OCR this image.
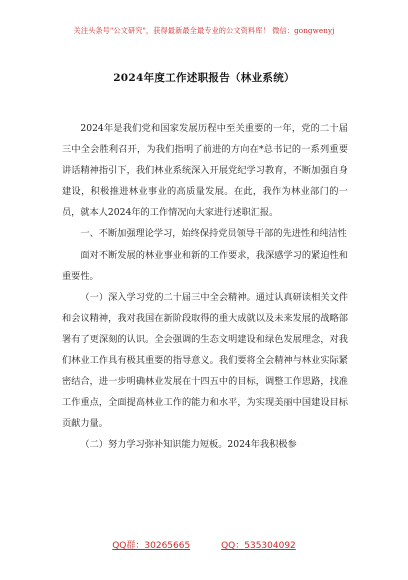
关注头条号"公文研究"，获得最新最全最专业的公文资料库！ 微信：gongwenyj
2024年度工作述职报告（林业系统）

2024年是我们党和国家发展历程中至关重要的一年，党的二十届三中全会胜利召开，为我们指明了前进的方向在*总书记的一系列重要讲话精神指引下，我们林业系统深入开展党纪学习教育，不断加强自身建设，积极推进林业事业的高质量发展。在此，我作为林业部门的一员，就本人2024年的工作情况向大家进行述职汇报。

一、不断加强理论学习，始终保持党员领导干部的先进性和纯洁性

面对不断发展的林业事业和新的工作要求，我深感学习的紧迫性和重要性。

（一）深入学习党的二十届三中全会精神。通过认真研读相关文件和会议精神，我对我国在新阶段取得的重大成就以及未来发展的战略部署有了更深刻的认识。全会强调的生态文明建设和绿色发展理念，对我们林业工作具有极其重要的指导意义。我们要将全会精神与林业实际紧密结合，进一步明确林业发展在十四五中的目标，调整工作思路，找准工作重点，全面提高林业工作的能力和水平，为实现美丽中国建设目标贡献力量。

（二）努力学习弥补知识能力短板。2024年我积极参

QQ群：30265665	QQ：535304092
